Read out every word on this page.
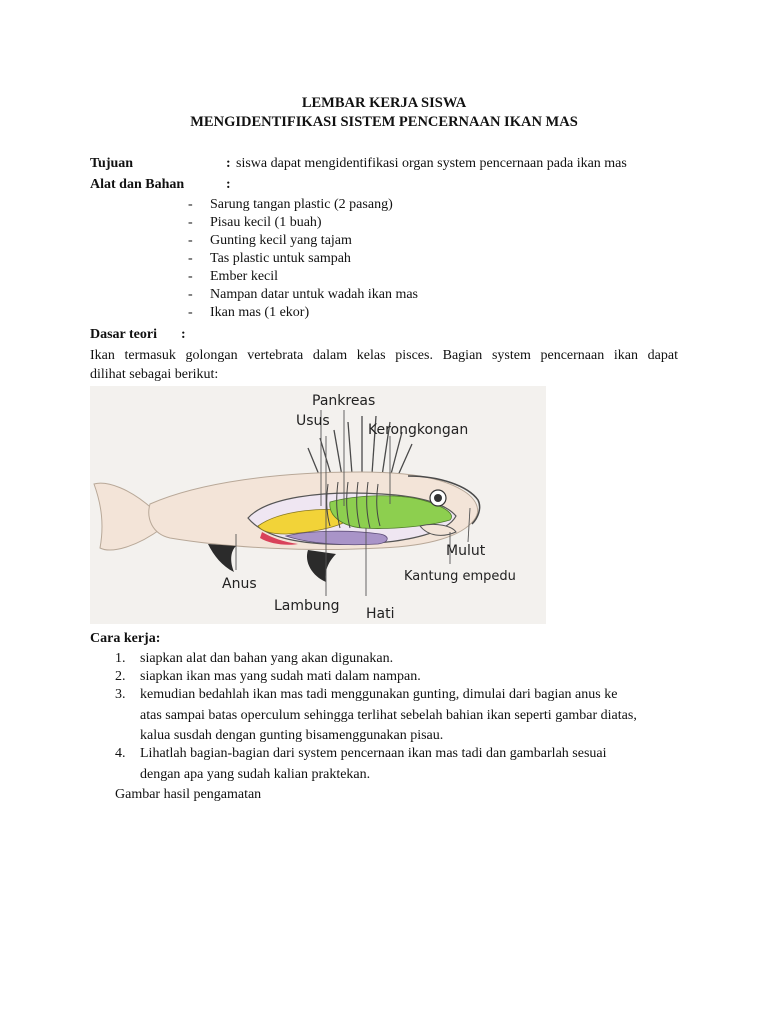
LEMBAR KERJA SISWA
MENGIDENTIFIKASI SISTEM PENCERNAAN IKAN MAS
Tujuan	: siswa dapat mengidentifikasi organ system pencernaan pada ikan mas
Alat dan Bahan	:
- Sarung tangan plastic (2 pasang)
- Pisau kecil (1 buah)
- Gunting kecil yang tajam
- Tas plastic untuk sampah
- Ember kecil
- Nampan datar untuk wadah ikan mas
- Ikan mas (1 ekor)
Dasar teori :
Ikan termasuk golongan vertebrata dalam kelas pisces. Bagian system pencernaan ikan dapat
dilihat sebagai berikut:
Pankreas
Usus
Kerongkongan
Mulut
Kantung empedu
Anus
Lambung Hati
Cara kerja:
1. siapkan alat dan bahan yang akan digunakan.
2. siapkan ikan mas yang sudah mati dalam nampan.
3. kemudian bedahlah ikan mas tadi menggunakan gunting, dimulai dari bagian anus ke
atas sampai batas operculum sehingga terlihat sebelah bahian ikan seperti gambar diatas,
kalua susdah dengan gunting bisamenggunakan pisau.
4. Lihatlah bagian-bagian dari system pencernaan ikan mas tadi dan gambarlah sesuai
dengan apa yang sudah kalian praktekan.
Gambar hasil pengamatan
